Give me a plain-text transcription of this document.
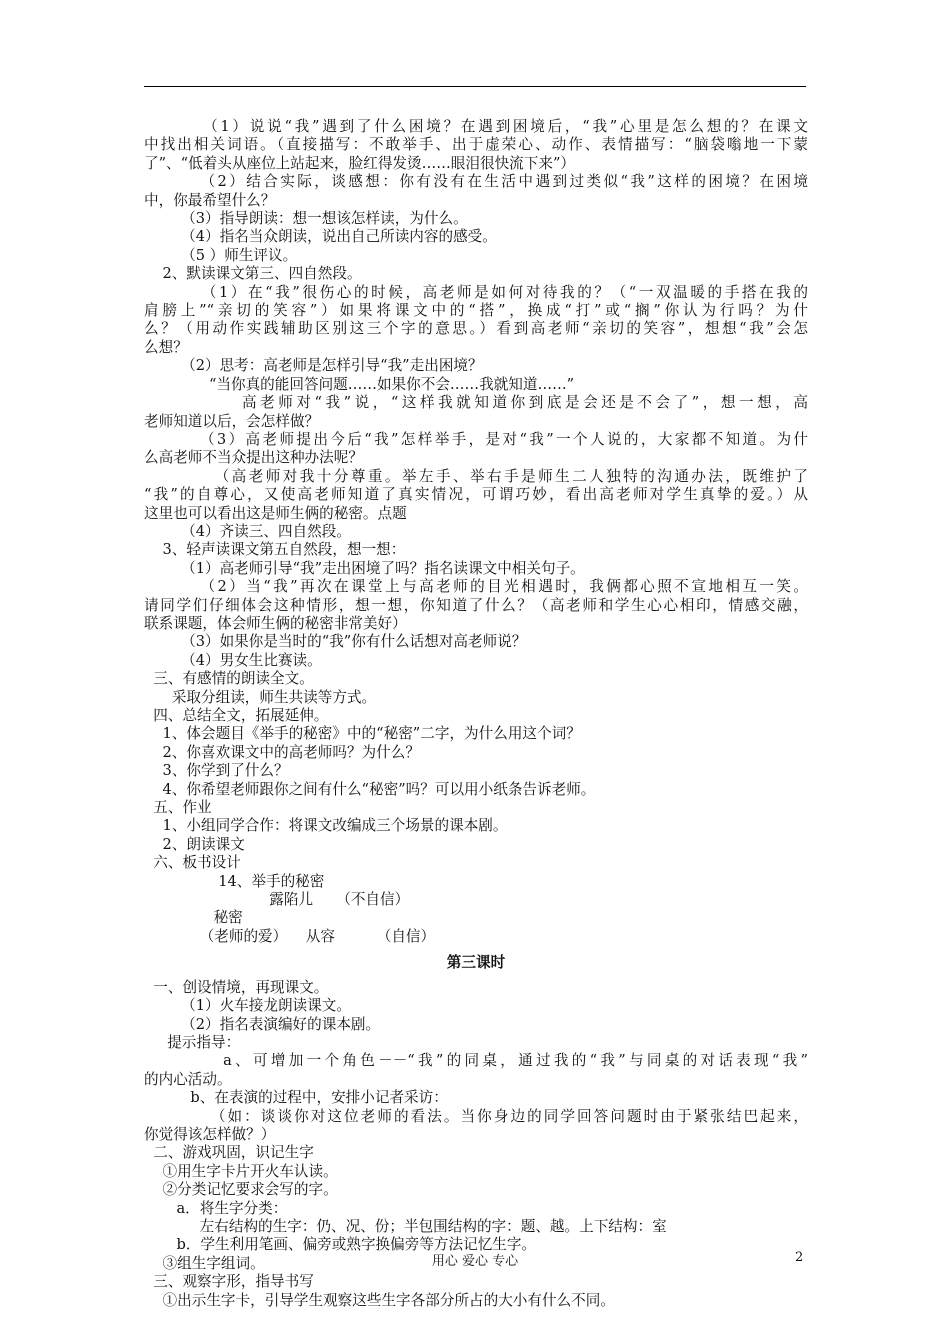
（1）说说“我”遇到了什么困境？在遇到困境后，“我”心里是怎么想的？在课文
中找出相关词语。（直接描写：不敢举手、出于虚荣心、动作、表情描写：“脑袋嗡地一下蒙
了”、“低着头从座位上站起来，脸红得发烫……眼泪很快流下来”）
（2）结合实际，谈感想：你有没有在生活中遇到过类似“我”这样的困境？在困境
中，你最希望什么？
（3）指导朗读：想一想该怎样读，为什么。
（4）指名当众朗读，说出自己所读内容的感受。
（5 ）师生评议。
2、默读课文第三、四自然段。
（1）在“我”很伤心的时候，高老师是如何对待我的？（“一双温暖的手搭在我的
肩膀上”“亲切的笑容”）如果将课文中的“搭”，换成“打”或“搁”你认为行吗？为什
么？（用动作实践辅助区别这三个字的意思。）看到高老师“亲切的笑容”，想想“我”会怎
么想？
（2）思考：高老师是怎样引导“我”走出困境？
“当你真的能回答问题……如果你不会……我就知道……”
高老师对“我”说，“这样我就知道你到底是会还是不会了”，想一想，高
老师知道以后，会怎样做？
（3）高老师提出今后“我”怎样举手，是对“我”一个人说的，大家都不知道。为什
么高老师不当众提出这种办法呢？
（高老师对我十分尊重。举左手、举右手是师生二人独特的沟通办法，既维护了
“我”的自尊心，又使高老师知道了真实情况，可谓巧妙，看出高老师对学生真挚的爱。）从
这里也可以看出这是师生俩的秘密。点题
（4）齐读三、四自然段。
3、轻声读课文第五自然段，想一想：
（1）高老师引导“我”走出困境了吗？指名读课文中相关句子。
（2）当“我”再次在课堂上与高老师的目光相遇时，我俩都心照不宣地相互一笑。
请同学们仔细体会这种情形，想一想，你知道了什么？（高老师和学生心心相印，情感交融，
联系课题，体会师生俩的秘密非常美好）
（3）如果你是当时的“我”你有什么话想对高老师说？
（4）男女生比赛读。
三、有感情的朗读全文。
采取分组读，师生共读等方式。
四、总结全文，拓展延伸。
1、体会题目《举手的秘密》中的“秘密”二字，为什么用这个词？
2、你喜欢课文中的高老师吗？为什么？
3、你学到了什么？
4、你希望老师跟你之间有什么“秘密”吗？可以用小纸条告诉老师。
五、作业
1、小组同学合作：将课文改编成三个场景的课本剧。
2、朗读课文
六、板书设计
14、举手的秘密
露陷儿     （不自信）
秘密
（老师的爱）    从容         （自信）
第三课时
一、创设情境，再现课文。
（1）火车接龙朗读课文。
（2）指名表演编好的课本剧。
提示指导：
a、可增加一个角色－－“我”的同桌，通过我的“我”与同桌的对话表现“我”
的内心活动。
b、在表演的过程中，安排小记者采访：
（如：谈谈你对这位老师的看法。当你身边的同学回答问题时由于紧张结巴起来，
你觉得该怎样做？）
二、游戏巩固，识记生字
①用生字卡片开火车认读。
②分类记忆要求会写的字。
a．将生字分类：
左右结构的生字：仍、况、份；半包围结构的字：题、越。上下结构：室
b．学生利用笔画、偏旁或熟字换偏旁等方法记忆生字。
③组生字组词。
三、观察字形，指导书写
①出示生字卡，引导学生观察这些生字各部分所占的大小有什么不同。
用心 爱心 专心	2
